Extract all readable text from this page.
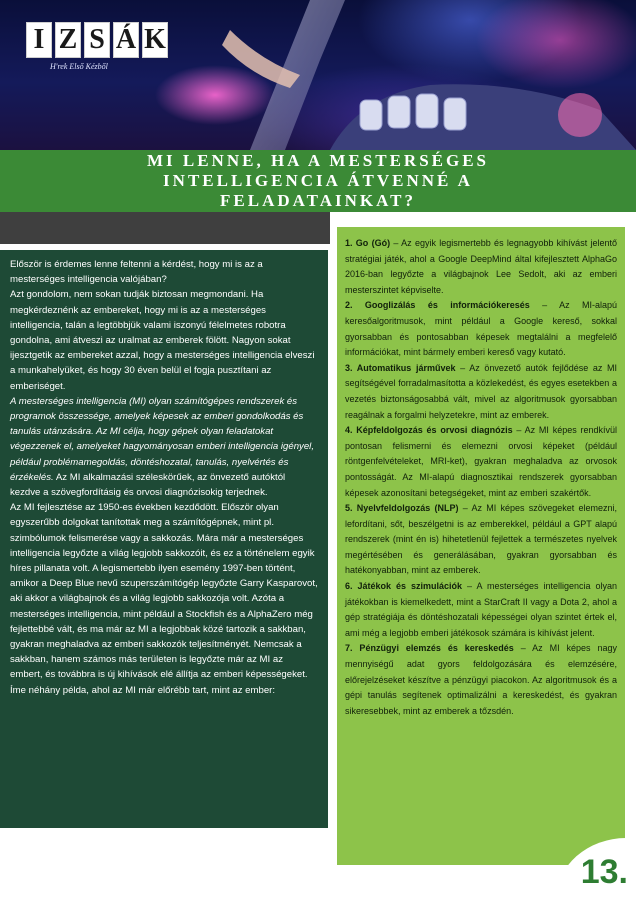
I Z S Á K
H'rek Első Kézből
MI LENNE, HA A MESTERSÉGES INTELLIGENCIA ÁTVENNÉ A FELADATAINKAT?

Először is érdemes lenne feltenni a kérdést, hogy mi is az a mesterséges intelligencia valójában?

Azt gondolom, nem sokan tudják biztosan megmondani. Ha megkérdeznénk az embereket, hogy mi is az a mesterséges intelligencia, talán a legtöbbjük valami iszonyú félelmetes robotra gondolna, ami átveszi az uralmat az emberek fölött. Nagyon sokat ijesztgetik az embereket azzal, hogy a mesterséges intelligencia elveszi a munkahelyüket, és hogy 30 éven belül el fogja pusztítani az emberiséget.

A mesterséges intelligencia (MI) olyan számítógépes rendszerek és programok összessége, amelyek képesek az emberi gondolkodás és tanulás utánzására. Az MI célja, hogy gépek olyan feladatokat végezzenek el, amelyeket hagyományosan emberi intelligencia igényel, például problémamegoldás, döntéshozatal, tanulás, nyelvértés és érzékelés. Az MI alkalmazási széleskörűek, az önvezető autóktól kezdve a szövegfordításig és orvosi diagnózisokig terjednek.

Az MI fejlesztése az 1950-es években kezdődött. Először olyan egyszerűbb dolgokat tanítottak meg a számítógépnek, mint pl. szimbólumok felismerése vagy a sakkozás. Mára már a mesterséges intelligencia legyőzte a világ legjobb sakkozóit, és ez a történelem egyik híres pillanata volt. A legismertebb ilyen esemény 1997-ben történt, amikor a Deep Blue nevű szuperszámítógép legyőzte Garry Kasparovot, aki akkor a világbajnok és a világ legjobb sakkozója volt. Azóta a mesterséges intelligencia, mint például a Stockfish és a AlphaZero még fejlettebbé vált, és ma már az MI a legjobbak közé tartozik a sakkban, gyakran meghaladva az emberi sakkozók teljesítményét. Nemcsak a sakkban, hanem számos más területen is legyőzte már az MI az embert, és továbbra is új kihívások elé állítja az emberi képességeket. Íme néhány példa, ahol az MI már előrébb tart, mint az ember:

1. Go (Gó) – Az egyik legismertebb és legnagyobb kihívást jelentő stratégiai játék, ahol a Google DeepMind által kifejlesztett AlphaGo 2016-ban legyőzte a világbajnok Lee Sedolt, aki az emberi mesterszintet képviselte.

2. Googlizálás és információkeresés – Az MI-alapú keresőalgoritmusok, mint például a Google kereső, sokkal gyorsabban és pontosabban képesek megtalálni a megfelelő információkat, mint bármely emberi kereső vagy kutató.

3. Automatikus járművek – Az önvezető autók fejlődése az MI segítségével forradalmasította a közlekedést, és egyes esetekben a vezetés biztonságosabbá vált, mivel az algoritmusok gyorsabban reagálnak a forgalmi helyzetekre, mint az emberek.

4. Képfeldolgozás és orvosi diagnózis – Az MI képes rendkívül pontosan felismerni és elemezni orvosi képeket (például röntgenfelvételeket, MRI-ket), gyakran meghaladva az orvosok pontosságát. Az MI-alapú diagnosztikai rendszerek gyorsabban képesek azonosítani betegségeket, mint az emberi szakértők.

5. Nyelvfeldolgozás (NLP) – Az MI képes szövegeket elemezni, lefordítani, sőt, beszélgetni is az emberekkel, például a GPT alapú rendszerek (mint én is) hihetetlenül fejlettek a természetes nyelvek megértésében és generálásában, gyakran gyorsabban és hatékonyabban, mint az emberek.

6. Játékok és szimulációk – A mesterséges intelligencia olyan játékokban is kiemelkedett, mint a StarCraft II vagy a Dota 2, ahol a gép stratégiája és döntéshozatali képességei olyan szintet értek el, ami még a legjobb emberi játékosok számára is kihívást jelent.

7. Pénzügyi elemzés és kereskedés – Az MI képes nagy mennyiségű adat gyors feldolgozására és elemzésére, előrejelzéseket készítve a pénzügyi piacokon. Az algoritmusok és a gépi tanulás segítenek optimalizálni a kereskedést, és gyakran sikeresebbek, mint az emberek a tőzsdén.

13.
